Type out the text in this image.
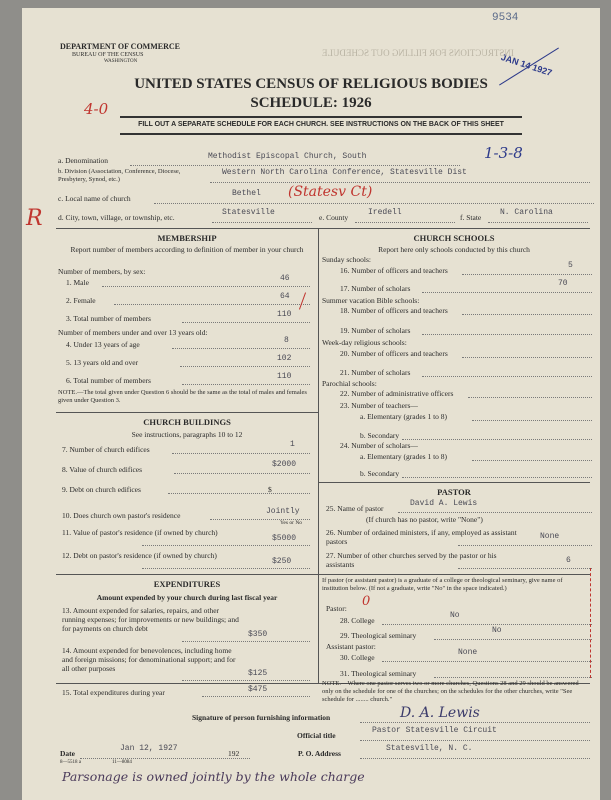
9534
JAN 14 1927
INSTRUCTIONS FOR FILLING OUT SCHEDULE
DEPARTMENT OF COMMERCE
BUREAU OF THE CENSUS
WASHINGTON
UNITED STATES CENSUS OF RELIGIOUS BODIES
SCHEDULE: 1926
4-0
FILL OUT A SEPARATE SCHEDULE FOR EACH CHURCH. SEE INSTRUCTIONS ON THE BACK OF THIS SHEET
a. Denomination	Methodist Episcopal Church, South	1-3-8
b. Division (Association, Conference, Diocese, Presbytery, Synod, etc.)
Western North Carolina Conference, Statesville Dist
c. Local name of church
Bethel (Statesv Ct)
R d. City, town, village, or township, etc.
Statesville
e. County
Iredell
f. State
N. Carolina
MEMBERSHIP
Report number of members according to definition of member in your church
Number of members, by sex:
1. Male	46
2. Female	64
3. Total number of members	110
Number of members under and over 13 years old:
4. Under 13 years of age	8
5. 13 years old and over	102
6. Total number of members	110
NOTE.—The total given under Question 6 should be the same as the total of males and females given under Question 3.
CHURCH BUILDINGS
See instructions, paragraphs 10 to 12
7. Number of church edifices
1
8. Value of church edifices
$2000
9. Debt on church edifices	$
10. Does church own pastor's residence	Jointly
Yes or No
11. Value of pastor's residence (if owned by church)
$5000
12. Debt on pastor's residence (if owned by church)
$250
EXPENDITURES
Amount expended by your church during last fiscal year
13. Amount expended for salaries, repairs, and other running expenses; for improvements or new buildings; and for payments on church debt
$350
14. Amount expended for benevolences, including home and foreign missions; for denominational support; and for all other purposes
$125
CHURCH SCHOOLS
Report here only schools conducted by this church
Sunday schools:
16. Number of officers and teachers
5
17. Number of scholars
70
Summer vacation Bible schools:
18. Number of officers and teachers
19. Number of scholars
Week-day religious schools:
20. Number of officers and teachers
21. Number of scholars
Parochial schools:
22. Number of administrative officers
23. Number of teachers—
a. Elementary (grades 1 to 8)
b. Secondary
24. Number of scholars—
a. Elementary (grades 1 to 8)
b. Secondary
PASTOR
25. Name of pastor
David A. Lewis
(If church has no pastor, write "None")
26. Number of ordained ministers, if any, employed as assistant pastors
None
27. Number of other churches served by the pastor or his assistants	6
If pastor (or assistant pastor) is a graduate of a college or theological seminary, give name of institution below. (If not a graduate, write "No" in the space indicated.)
Pastor: 0
28. College
No
29. Theological seminary
No
Assistant pastor:
30. College
None
31. Theological seminary
15. Total expenditures during year	$475
NOTE.—Where one pastor serves two or more churches, Questions 28 and 29 should be answered only on the schedule for one of the churches; on the schedules for the other churches, write "See schedule for ........ church."
Signature of person furnishing information	D. A. Lewis
Official title
Pastor Statesville Circuit
Date
Jan 12, 1927
192	P. O. Address
Statesville, N. C.
8—5518 a	11—8084
Parsonage is owned jointly by the whole charge
